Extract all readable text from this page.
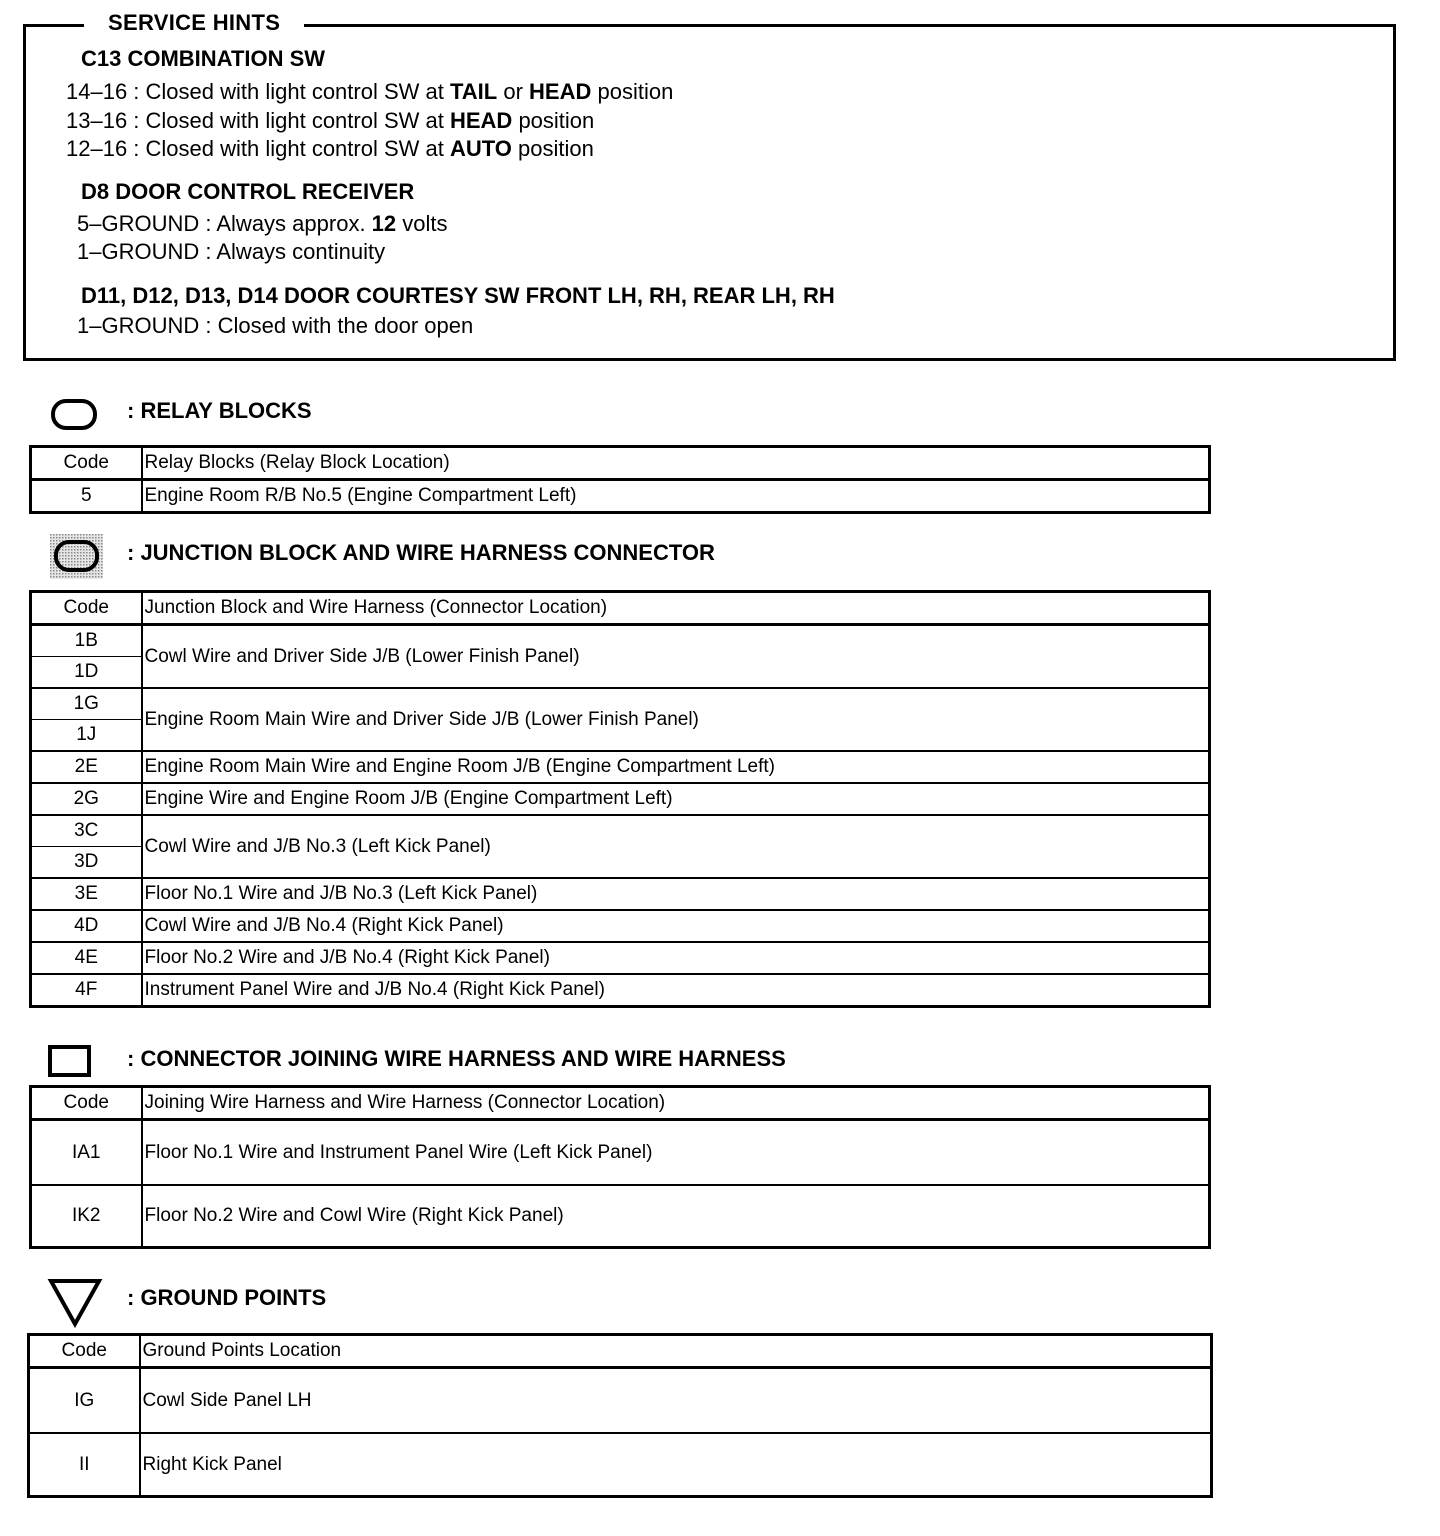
C13 COMBINATION SW
14–16 : Closed with light control SW at TAIL or HEAD position
13–16 : Closed with light control SW at HEAD position
12–16 : Closed with light control SW at AUTO position
D8 DOOR CONTROL RECEIVER
5–GROUND : Always approx. 12 volts
1–GROUND : Always continuity
D11, D12, D13, D14 DOOR COURTESY SW FRONT LH, RH, REAR LH, RH
1–GROUND : Closed with the door open
SERVICE HINTS
: RELAY BLOCKS
Code	Relay Blocks (Relay Block Location)
5	Engine Room R/B No.5 (Engine Compartment Left)
: JUNCTION BLOCK AND WIRE HARNESS CONNECTOR
Code	Junction Block and Wire Harness (Connector Location)
1B	Cowl Wire and Driver Side J/B (Lower Finish Panel)
1D	
1G	Engine Room Main Wire and Driver Side J/B (Lower Finish Panel)
1J	
2E	Engine Room Main Wire and Engine Room J/B (Engine Compartment Left)
2G	Engine Wire and Engine Room J/B (Engine Compartment Left)
3C	Cowl Wire and J/B No.3 (Left Kick Panel)
3D	
3E	Floor No.1 Wire and J/B No.3 (Left Kick Panel)
4D	Cowl Wire and J/B No.4 (Right Kick Panel)
4E	Floor No.2 Wire and J/B No.4 (Right Kick Panel)
4F	Instrument Panel Wire and J/B No.4 (Right Kick Panel)
: CONNECTOR JOINING WIRE HARNESS AND WIRE HARNESS
Code	Joining Wire Harness and Wire Harness (Connector Location)
IA1	Floor No.1 Wire and Instrument Panel Wire (Left Kick Panel)
IK2	Floor No.2 Wire and Cowl Wire (Right Kick Panel)
: GROUND POINTS
Code	Ground Points Location
IG	Cowl Side Panel LH
II	Right Kick Panel
